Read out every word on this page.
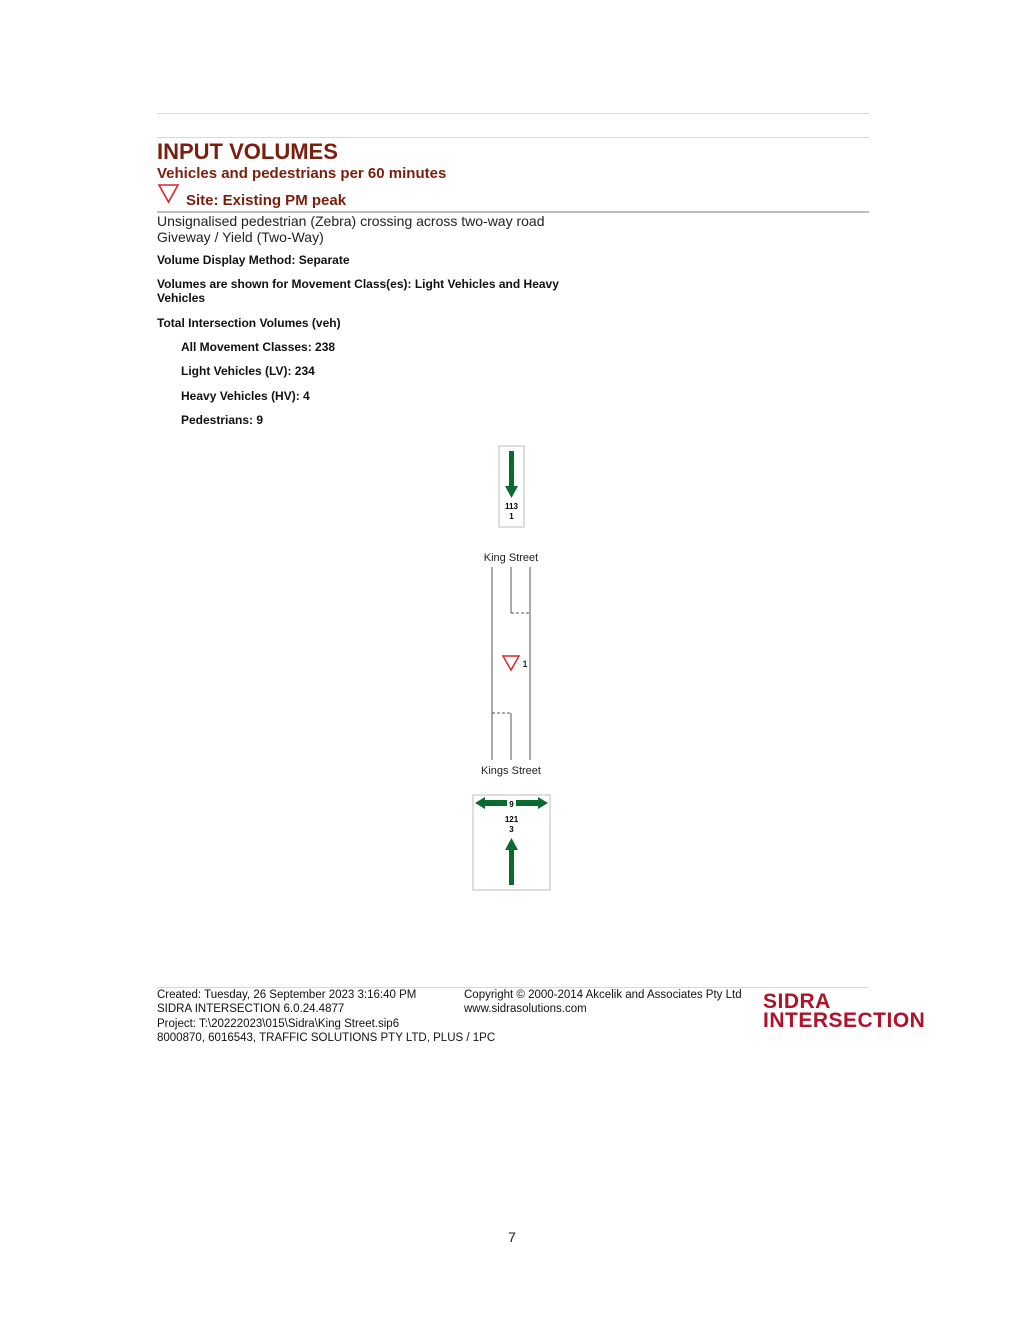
INPUT VOLUMES
Vehicles and pedestrians per 60 minutes
Site: Existing PM peak
Unsignalised pedestrian (Zebra) crossing across two-way road
Giveway / Yield (Two-Way)
Volume Display Method: Separate
Volumes are shown for Movement Class(es): Light Vehicles and Heavy Vehicles
Total Intersection Volumes (veh)
All Movement Classes: 238
Light Vehicles (LV): 234
Heavy Vehicles (HV): 4
Pedestrians: 9
113
1
King Street
1
Kings Street
9
121
3
Created: Tuesday, 26 September 2023 3:16:40 PM
SIDRA INTERSECTION 6.0.24.4877
Project: T:\20222023\015\Sidra\King Street.sip6
8000870, 6016543, TRAFFIC SOLUTIONS PTY LTD, PLUS / 1PC
Copyright © 2000-2014 Akcelik and Associates Pty Ltd
www.sidrasolutions.com	SIDRA
INTERSECTION
7
